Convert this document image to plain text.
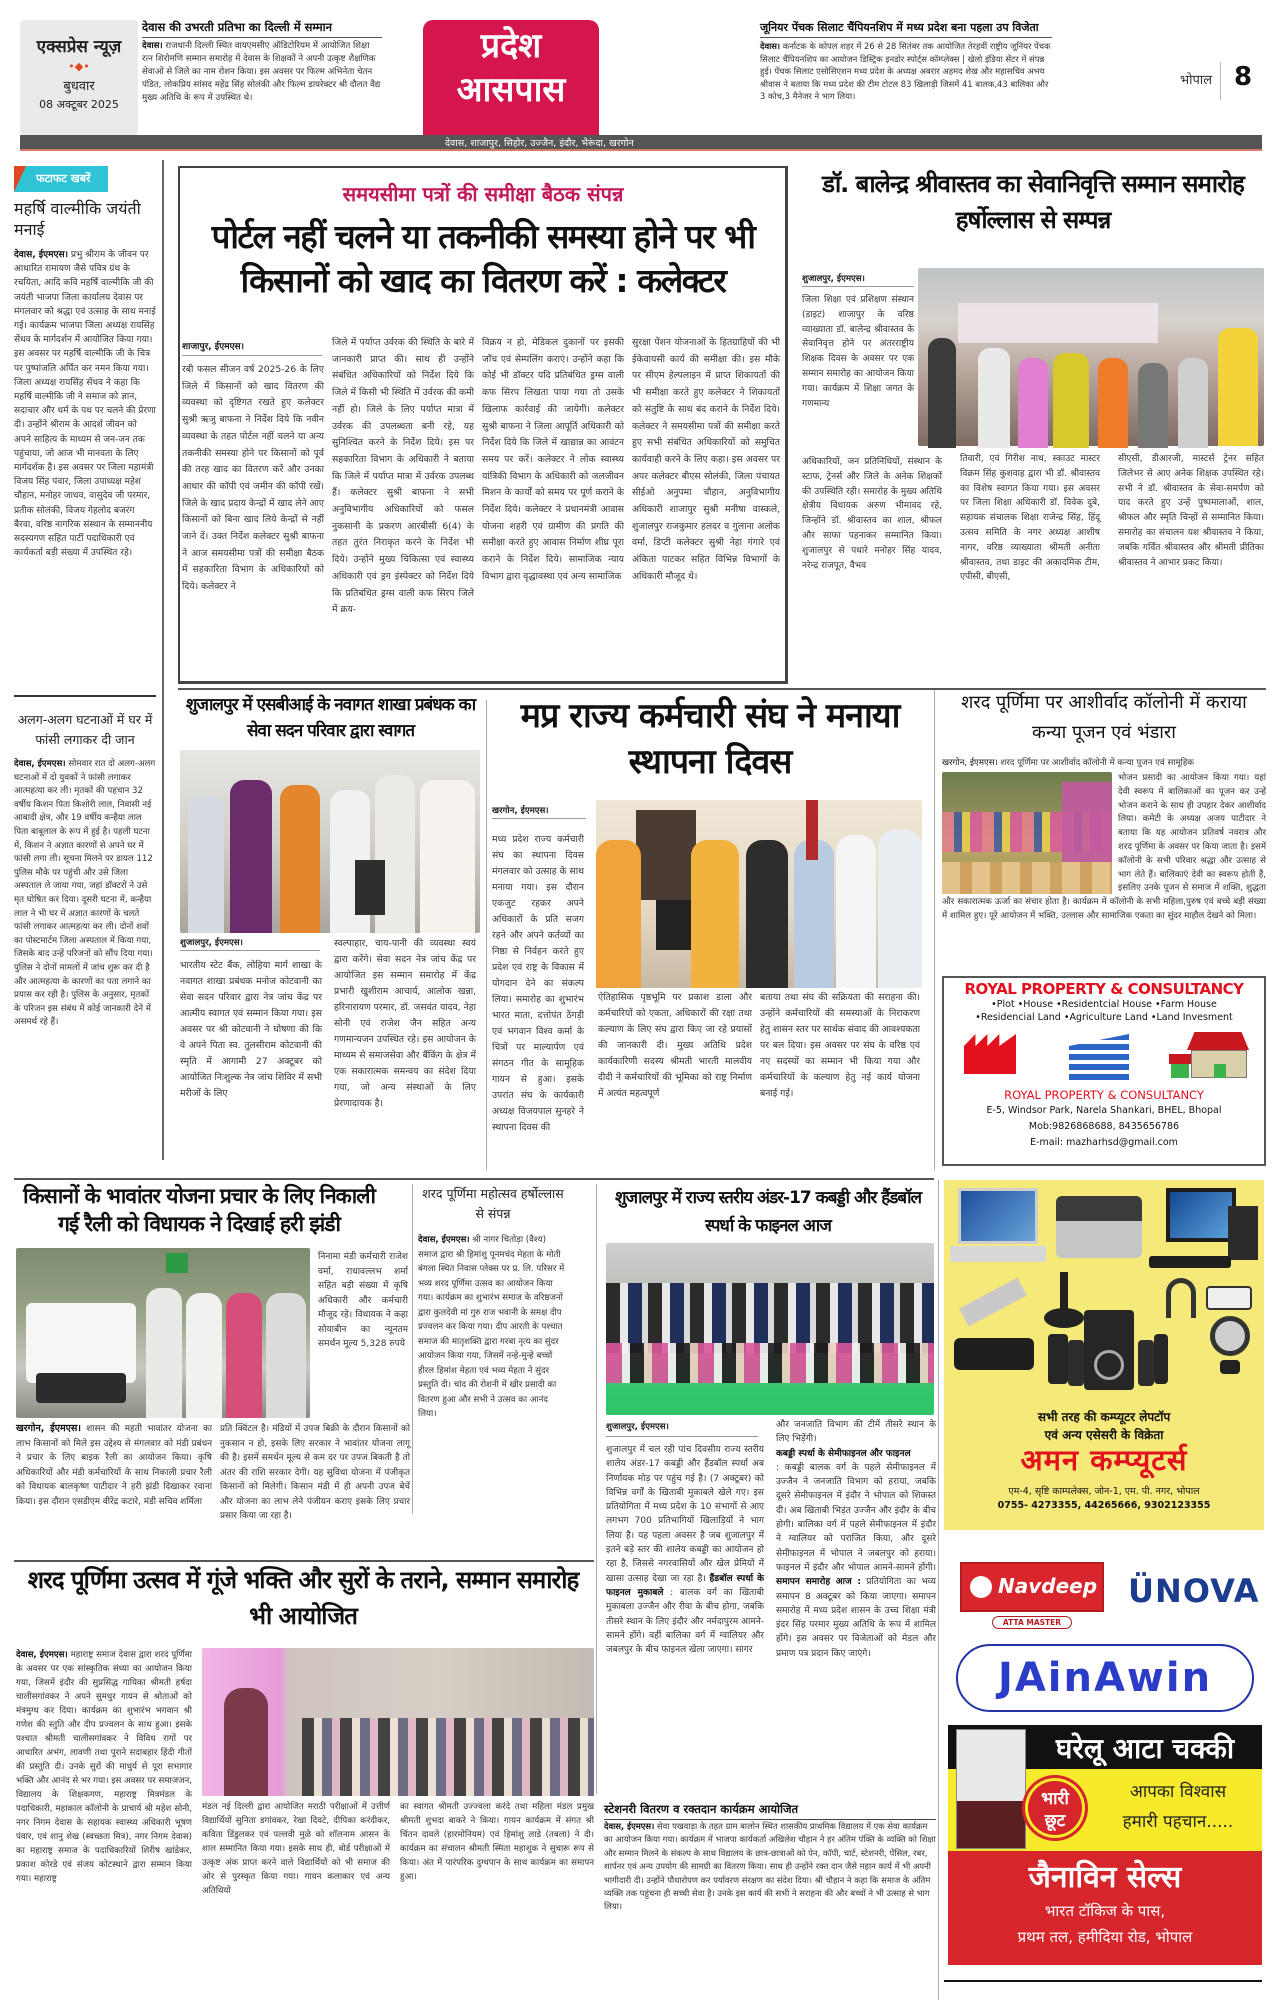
एक्सप्रेस न्यूज़
•◆•
बुधवार
08 अक्टूबर 2025
देवास की उभरती प्रतिभा का दिल्ली में सम्मान
देवास। राजधानी दिल्ली स्थित वायएमसीए ऑडिटोरियम में आयोजित शिक्षा रत्न शिरोमणि सम्मान समारोह में देवास के शिक्षकों ने अपनी उत्कृष्ट शैक्षणिक सेवाओं से जिले का नाम रोशन किया। इस अवसर पर फिल्म अभिनेता चेतन पंडित, लोकप्रिय सांसद महेंद्र सिंह सोलंकी और फिल्म डायरेक्टर श्री दौलत वैद्य मुख्य अतिथि के रूप में उपस्थित थे।
प्रदेश
आसपास
जूनियर पेंचक सिलाट चैंपियनशिप में मध्य प्रदेश बना पहला उप विजेता
देवास। कर्नाटक के कोपल शहर में 26 से 28 सितंबर तक आयोजित तेरहवीं राष्ट्रीय जूनियर पेंचक सिलाट चैंपियनशिप का आयोजन डिस्ट्रिक इनडोर स्पोर्ट्स कॉम्प्लेक्स | खेलो इंडिया सेंटर में संपन्न हुई। पेंचक सिलाट एसोसिएशन मध्य प्रदेश के अध्यक्ष अबरार अहमद शेख और महासचिव अभय श्रीवास ने बताया कि मध्य प्रदेश की टीम टोटल 83 खिलाड़ी जिसमें 41 बालक,43 बालिका और 3 कोच,3 मैनेजर ने भाग लिया।
भोपाल 8
देवास, शाजापुर, सिहोर, उज्जैन, इंदौर, भैरूंदा, खरगोन
फटाफट खबरें
महर्षि वाल्मीकि जयंती मनाई
देवास, ईएमएस। प्रभु श्रीराम के जीवन पर आधारित रामायण जैसे पवित्र ग्रंथ के रचयिता, आदि कवि महर्षि वाल्मीकि जी की जयंती भाजपा जिला कार्यालय देवास पर मंगलवार को श्रद्धा एवं उत्साह के साथ मनाई गई। कार्यक्रम भाजपा जिला अध्यक्ष रायसिंह सेंधव के मार्गदर्शन में आयोजित किया गया। इस अवसर पर महर्षि वाल्मीकि जी के चित्र पर पुष्पांजलि अर्पित कर नमन किया गया। जिला अध्यक्ष रायसिंह सेंधव ने कहा कि महर्षि वाल्मीकि जी ने समाज को ज्ञान, सदाचार और धर्म के पथ पर चलने की प्रेरणा दी। उन्होंने श्रीराम के आदर्श जीवन को अपने साहित्य के माध्यम से जन-जन तक पहुंचाया, जो आज भी मानवता के लिए मार्गदर्शक है। इस अवसर पर जिला महामंत्री विजय सिंह पंवार, जिला उपाध्यक्ष महेश चौहान, मनोहर जाधव, वासुदेव जी परमार, प्रतीक सोलंकी, विजय गेहलोद बजरंग बैरवा, वरिष्ठ नागरिक संस्थान के सम्माननीय सदस्यगण सहित पार्टी पदाधिकारी एवं कार्यकर्ता बड़ी संख्या में उपस्थित रहे।
अलग-अलग घटनाओं में घर में फांसी लगाकर दी जान
देवास, ईएमएस। सोमवार रात दो अलग-अलग घटनाओं में दो युवकों ने फांसी लगाकर आत्महत्या कर ली। मृतकों की पहचान 32 वर्षीय किशन पिता किशोरी लाल, निवासी नई आबादी क्षेत्र, और 19 वर्षीय कन्हैया लाल पिता बाबूलाल के रूप में हुई है। पहली घटना में, किशन ने अज्ञात कारणों से अपने घर में फांसी लगा ली। सूचना मिलने पर डायल 112 पुलिस मौके पर पहुंची और उसे जिला अस्पताल ले जाया गया, जहां डॉक्टरों ने उसे मृत घोषित कर दिया। दूसरी घटना में, कन्हैया लाल ने भी घर में अज्ञात कारणों के चलते फांसी लगाकर आत्महत्या कर ली। दोनों शवों का पोस्टमार्टम जिला अस्पताल में किया गया, जिसके बाद उन्हें परिजनों को सौंप दिया गया। पुलिस ने दोनों मामलों में जांच शुरू कर दी है और आत्महत्या के कारणों का पता लगाने का प्रयास कर रही है। पुलिस के अनुसार, मृतकों के परिजन इस संबंध में कोई जानकारी देने में असमर्थ रहे हैं।
समयसीमा पत्रों की समीक्षा बैठक संपन्न
पोर्टल नहीं चलने या तकनीकी समस्या होने पर भी किसानों को खाद का वितरण करें : कलेक्टर
शाजापुर, ईएमएस।
रबी फसल सीजन वर्ष 2025-26 के लिए जिले में किसानों को खाद वितरण की व्यवस्था को दृष्टिगत रखते हुए कलेक्टर सुश्री ऋजु बाफना ने निर्देश दिये कि नवीन व्यवस्था के तहत पोर्टल नहीं चलने या अन्य तकनीकी समस्या होने पर किसानों को पूर्व की तरह खाद का वितरण करें और उनका आधार की कॉपी एवं जमीन की कॉपी रखें। जिले के खाद प्रदाय केन्द्रों में खाद लेने आए किसानों को बिना खाद लिये केन्द्रों से नहीं जाने दें। उक्त निर्देश कलेक्टर सुश्री बाफना ने आज समयसीमा पत्रों की समीक्षा बैठक में सहकारिता विभाग के अधिकारियों को दिये। कलेक्टर ने
जिले में पर्याप्त उर्वरक की स्थिति के बारे में जानकारी प्राप्त की। साथ ही उन्होंने संबंधित अधिकारियों को निर्देश दिये कि जिले में किसी भी स्थिति में उर्वरक की कमी नहीं हो। जिले के लिए पर्याप्त मात्रा में उर्वरक की उपलब्धता बनी रहे, यह सुनिश्चित करने के निर्देश दिये। इस पर सहकारिता विभाग के अधिकारी ने बताया कि जिले में पर्याप्त मात्रा में उर्वरक उपलब्ध हैं। कलेक्टर सुश्री बाफना ने सभी अनुविभागीय अधिकारियों को फसल नुकसानी के प्रकरण आरबीसी 6(4) के तहत तुरंत निराकृत करने के निर्देश भी दिये। उन्होंने मुख्य चिकित्सा एवं स्वास्थ्य अधिकारी एवं ड्रग इंस्पेक्टर को निर्देश दिये कि प्रतिबंधित ड्रग्स वाली कफ सिरप जिले में क्रय-
विक्रय न हो, मेडिकल दुकानों पर इसकी जाँच एवं सेम्पलिंग कराएं। उन्होंने कहा कि कोई भी डॉक्टर यदि प्रतिबंधित ड्रग्स वाली कफ सिरप लिखता पाया गया तो उसके खिलाफ कार्रवाई की जायेगी। कलेक्टर सुश्री बाफना ने जिला आपूर्ति अधिकारी को निर्देश दिये कि जिले में खाद्यान्न का आवंटन समय पर करें। कलेक्टर ने लोक स्वास्थ्य यांत्रिकी विभाग के अधिकारी को जलजीवन मिशन के कार्यों को समय पर पूर्ण कराने के निर्देश दिये। कलेक्टर ने प्रधानमंत्री आवास योजना शहरी एवं ग्रामीण की प्रगति की समीक्षा करते हुए आवास निर्माण शीघ्र पूरा कराने के निर्देश दिये। सामाजिक न्याय विभाग द्वारा वृद्धावस्था एवं अन्य सामाजिक
सुरक्षा पेंशन योजनाओं के हितग्राहियों की भी ईकेवायसी कार्य की समीक्षा की। इस मौके पर सीएम हेल्पलाइन में प्राप्त शिकायतों की भी समीक्षा करते हुए कलेक्टर ने शिकायतों को संतुष्टि के साथ बंद कराने के निर्देश दिये। कलेक्टर ने समयसीमा पत्रों की समीक्षा करते हुए सभी संबंधित अधिकारियों को समुचित कार्यवाही करने के लिए कहा। इस अवसर पर अपर कलेक्टर बीएस सोलंकी, जिला पंचायत सीईओ अनुपमा चौहान, अनुविभागीय अधिकारी शाजापुर सुश्री मनीषा वास्कले, शुजालपुर राजकुमार हलदर व गुलाना अलोक वर्मा, डिप्टी कलेक्टर सुश्री नेहा गंगारे एवं अंकिता पाटकर सहित विभिन्न विभागों के अधिकारी मौजूद थे।
डॉ. बालेन्द्र श्रीवास्तव का सेवानिवृत्ति सम्मान समारोह हर्षोल्लास से सम्पन्न
शुजालपुर, ईएमएस।
जिला शिक्षा एवं प्रशिक्षण संस्थान (डाइट) शाजापुर के वरिष्ठ व्याख्याता डॉ. बालेन्द्र श्रीवास्तव के सेवानिवृत्त होने पर अंतरराष्ट्रीय शिक्षक दिवस के अवसर पर एक सम्मान समारोह का आयोजन किया गया। कार्यक्रम में शिक्षा जगत के गणमान्य
अधिकारियों, जन प्रतिनिधियों, संस्थान के स्टाफ, ट्रेनर्स और जिले के अनेक शिक्षकों की उपस्थिति रही। समारोह के मुख्य अतिथि क्षेत्रीय विधायक अरुण भीमावद रहे, जिन्होंने डॉ. श्रीवास्तव का शाल, श्रीफल और साफा पहनाकर सम्मानित किया। शुजालपुर से पधारे मनोहर सिंह यादव, नरेन्द्र राजपूत, वैभव
तिवारी, एवं गिरीश नाथ, स्काउट मास्टर विक्रम सिंह कुशवाह द्वारा भी डॉ. श्रीवास्तव का विशेष स्वागत किया गया। इस अवसर पर जिला शिक्षा अधिकारी डॉ. विवेक दुबे, सहायक संचालक शिक्षा राजेन्द्र सिंह, हिंदू उत्सव समिति के नगर अध्यक्ष आशीष नागर, वरिष्ठ व्याख्याता श्रीमती अनीता श्रीवास्तव, तथा डाइट की अकादमिक टीम, एपीसी, बीएसी,
सीएसी, डीआरजी, मास्टर्स ट्रेनर सहित जिलेभर से आए अनेक शिक्षक उपस्थित रहे। सभी ने डॉ. श्रीवास्तव के सेवा-समर्पण को याद करते हुए उन्हें पुष्पमालाओं, शाल, श्रीफल और स्मृति चिन्हों से सम्मानित किया। समारोह का संचालन यश श्रीवास्तव ने किया, जबकि गर्वित श्रीवास्तव और श्रीमती प्रीतिका श्रीवास्तव ने आभार प्रकट किया।
शुजालपुर में एसबीआई के नवागत शाखा प्रबंधक का सेवा सदन परिवार द्वारा स्वागत
शुजालपुर, ईएमएस।
भारतीय स्टेट बैंक, लोहिया मार्ग शाखा के नवागत शाखा प्रबंधक मनोज कोटवानी का सेवा सदन परिवार द्वारा नेत्र जांच केंद्र पर आत्मीय स्वागत एवं सम्मान किया गया। इस अवसर पर श्री कोटवानी ने घोषणा की कि वे अपने पिता स्व. तुलसीराम कोटवानी की स्मृति में आगामी 27 अक्टूबर को आयोजित निःशुल्क नेत्र जांच शिविर में सभी मरीजों के लिए
स्वल्पाहार, चाय-पानी की व्यवस्था स्वयं द्वारा करेंगे। सेवा सदन नेत्र जांच केंद्र पर आयोजित इस सम्मान समारोह में केंद्र प्रभारी खुशीराम आचार्य, आलोक खन्ना, हरिनारायण परमार, डॉ. जसवंत यादव, नेहा सोनी एवं राजेश जैन सहित अन्य गणमान्यजन उपस्थित रहे। इस आयोजन के माध्यम से समाजसेवा और बैंकिंग के क्षेत्र में एक सकारात्मक समन्वय का संदेश दिया गया, जो अन्य संस्थाओं के लिए प्रेरणादायक है।
मप्र राज्य कर्मचारी संघ ने मनाया स्थापना दिवस
खरगोन, ईएमएस।
मध्य प्रदेश राज्य कर्मचारी संघ का स्थापना दिवस मंगलवार को उत्साह के साथ मनाया गया। इस दौरान एकजुट रहकर अपने अधिकारों के प्रति सजग रहने और अपने कर्तव्यों का निष्ठा से निर्वहन करते हुए प्रदेश एवं राष्ट्र के विकास में योगदान देने का संकल्प लिया। समारोह का शुभारंभ भारत माता, दत्तोपंत ठेंगड़ी एवं भगवान विश्व कर्मा के चित्रों पर माल्यार्पण एवं संगठन गीत के सामूहिक गायन से हुआ। इसके उपरांत संघ के कार्यकारी अध्यक्ष विजयपाल सुनहरे ने स्थापना दिवस की
ऐतिहासिक पृष्ठभूमि पर प्रकाश डाला और कर्मचारियों को एकता, अधिकारों की रक्षा तथा कल्याण के लिए संघ द्वारा किए जा रहे प्रयासों की जानकारी दी। मुख्य अतिथि प्रदेश कार्यकारिणी सदस्य श्रीमती भारती मालवीय दीदी ने कर्मचारियों की भूमिका को राष्ट्र निर्माण में अत्यंत महत्वपूर्ण
बताया तथा संघ की सक्रियता की सराहना की। उन्होंने कर्मचारियों की समस्याओं के निराकरण हेतु शासन स्तर पर सार्थक संवाद की आवश्यकता पर बल दिया। इस अवसर पर संघ के वरिष्ठ एवं नए सदस्यों का सम्मान भी किया गया और कर्मचारियों के कल्याण हेतु नई कार्य योजना बनाई गई।
शरद पूर्णिमा पर आशीर्वाद कॉलोनी में कराया कन्या पूजन एवं भंडारा
खरगोन, ईएमएस। शरद पूर्णिमा पर आशीर्वाद कॉलोनी में कन्या पूजन एवं सामूहिक
भोजन प्रसादी का आयोजन किया गया। यहां देवी स्वरूप में बालिकाओं का पूजन कर उन्हें भोजन कराने के साथ ही उपहार देकर आशीर्वाद लिया। कमेटी के अध्यक्ष अजय पाटीदार ने बताया कि यह आयोजन प्रतिवर्ष नवरात्र और शरद पूर्णिमा के अवसर पर किया जाता है। इसमें कॉलोनी के सभी परिवार श्रद्धा और उत्साह से भाग लेते हैं। बालिकाएं देवी का स्वरूप होती हैं, इसलिए उनके पूजन से समाज में शक्ति, शुद्धता और सकारात्मक ऊर्जा का संचार होता है। कार्यक्रम में कॉलोनी के सभी महिला,पुरुष एवं बच्चे बड़ी संख्या में शामिल हुए। पूरे आयोजन में भक्ति, उल्लास और सामाजिक एकता का सुंदर माहौल देखने को मिला।
ROYAL PROPERTY & CONSULTANCY
•Plot •House •Residentcial House •Farm House
•Residencial Land •Agriculture Land •Land Invesment
ROYAL PROPERTY & CONSULTANCY
E-5, Windsor Park, Narela Shankari, BHEL, Bhopal
Mob:9826868688, 8435656786
E-mail: mazharhsd@gmail.com
किसानों के भावांतर योजना प्रचार के लिए निकाली गई रैली को विधायक ने दिखाई हरी झंडी
निनामा मंडी कर्मचारी राजेश वर्मा, राधावल्लभ शर्मा सहित बड़ी संख्या में कृषि अधिकारी और कर्मचारी मौजूद रहे। विधायक ने कहा सोयाबीन का न्यूनतम समर्थन मूल्य 5,328 रुपये
खरगोन, ईएमएस। शासन की महती भावांतर योजना का लाभ किसानों को मिले इस उद्देश्य से मंगलवार को मंडी प्रबंधन ने प्रचार के लिए बाइक रैली का आयोजन किया। कृषि अधिकारियों और मंडी कर्मचारियों के साथ निकाली प्रचार रैली को विधायक बालकृष्ण पाटीदार ने हरी झंडी दिखाकर रवाना किया। इस दौरान एसडीएम वीरेंद्र कटारे, मंडी सचिव शर्मिला
प्रति क्विंटल है। मंडियों में उपज बिक्री के दौरान किसानों को नुकसान न हो, इसके लिए सरकार ने भावांतर योजना लागू की है। इसमें समर्थन मूल्य से कम दर पर उपज बिकती है तो अंतर की राशि सरकार देगी। यह सुविधा योजना में पंजीकृत किसानों को मिलेगी। किसान मंडी में ही अपनी उपज बेचें और योजना का लाभ लेने पंजीयन कराए इसके लिए प्रचार प्रसार किया जा रहा है।
शरद पूर्णिमा महोत्सव हर्षोल्लास से संपन्न
देवास, ईएमएस। श्री नागर चितोड़ा (वैश्य) समाज द्वारा श्री हिमांशु पूनमचंद मेहता के मोती बंगला स्थित निवास प्लेक्स पर प्र. लि. परिसर में भव्य शरद पूर्णिमा उत्सव का आयोजन किया गया। कार्यक्रम का शुभारंभ समाज के वरिष्ठजनों द्वारा कुलदेवी मां गुरु राज भवानी के समक्ष दीप प्रज्वलन कर किया गया। दीप आरती के पश्चात समाज की मातृशक्ति द्वारा गरबा नृत्य का सुंदर आयोजन किया गया, जिसमें नन्हे-मुन्हे बच्चों हीरल हिमांश मेहता एवं भव्य मेहता ने सुंदर प्रस्तुति दी। चांद की रोशनी में खीर प्रसादी का वितरण हुआ और सभी ने उत्सव का आनंद लिया।
शुजालपुर में राज्य स्तरीय अंडर-17 कबड्डी और हैंडबॉल स्पर्धा के फाइनल आज
शुजालपुर, ईएमएस।
शुजालपुर में चल रही पांच दिवसीय राज्य स्तरीय शालेय अंडर-17 कबड्डी और हैंडबॉल स्पर्धा अब निर्णायक मोड़ पर पहुंच गई है। (7 अक्टूबर) को विभिन्न वर्गों के खिताबी मुकाबले खेले गए। इस प्रतियोगिता में मध्य प्रदेश के 10 संभागों से आए लगभग 700 प्रतिभागियों खिलाड़ियों ने भाग लिया है। यह पहला अवसर है जब शुजालपुर में इतने बड़े स्तर की शालेय कबड्डी का आयोजन हो रहा है, जिससे नगरवासियों और खेल प्रेमियों में खासा उत्साह देखा जा रहा है। हैंडबॉल स्पर्धा के फाइनल मुकाबले : बालक वर्ग का खिताबी मुकाबला उज्जैन और रीवा के बीच होगा, जबकि तीसरे स्थान के लिए इंदौर और नर्मदापुरम आमने-सामने होंगे। वहीं बालिका वर्ग में ग्वालियर और जबलपुर के बीच फाइनल खेला जाएगा। सागर
और जनजाति विभाग की टीमें तीसरे स्थान के लिए भिड़ेंगी।
कबड्डी स्पर्धा के सेमीफाइनल और फाइनल
: कबड्डी बालक वर्ग के पहले सेमीफाइनल में उज्जैन ने जनजाति विभाग को हराया, जबकि दूसरे सेमीफाइनल में इंदौर ने भोपाल को शिकस्त दी। अब खिताबी भिड़ंत उज्जैन और इंदौर के बीच होगी। बालिका वर्ग में पहले सेमीफाइनल में इंदौर ने ग्वालियर को पराजित किया, और दूसरे सेमीफाइनल में भोपाल ने जबलपुर को हराया। फाइनल में इंदौर और भोपाल आमने-सामने होंगी। समापन समारोह आज : प्रतियोगिता का भव्य समापन 8 अक्टूबर को किया जाएगा। समापन समारोह में मध्य प्रदेश शासन के उच्च शिक्षा मंत्री इंदर सिंह परमार मुख्य अतिथि के रूप में शामिल होंगे। इस अवसर पर विजेताओं को मेडल और प्रमाण पत्र प्रदान किए जाएंगे।
सभी तरह की कम्प्यूटर लेपटॉप
एवं अन्य एसेसरी के विक्रेता
अमन कम्प्यूटर्स
एम-4, सृष्टि काम्पलेक्स, जोन-1, एम. पी. नगर, भोपाल
0755- 4273355, 44265666, 9302123355
स्टेशनरी वितरण व रक्तदान कार्यक्रम आयोजित
देवास, ईएमएस। सेवा पखवाड़ा के तहत ग्राम बालोन स्थित शासकीय प्राथमिक विद्यालय में एक सेवा कार्यक्रम का आयोजन किया गया। कार्यक्रम में भाजपा कार्यकर्ता अखिलेश चौहान ने हर अंतिम पंक्ति के व्यक्ति को शिक्षा और सम्मान मिलने के संकल्प के साथ विद्यालय के छात्र-छात्राओं को पेन, कॉपी, चार्ट, स्टेशनरी, पेंसिल, रबर, शार्पनर एवं अन्य उपयोग की सामग्री का वितरण किया। साथ ही उन्होंने रक्त दान जैसे महान कार्य में भी अपनी भागीदारी दी। उन्होंने पौधारोपण कर पर्यावरण संरक्षण का संदेश दिया। श्री चौहान ने कहा कि समाज के अंतिम व्यक्ति तक पहुंचना ही सच्ची सेवा है। उनके इस कार्य की सभी ने सराहना की और बच्चों ने भी उत्साह से भाग लिया।
शरद पूर्णिमा उत्सव में गूंजे भक्ति और सुरों के तराने, सम्मान समारोह भी आयोजित
देवास, ईएमएस। महाराष्ट्र समाज देवास द्वारा शरद पूर्णिमा के अवसर पर एक सांस्कृतिक संध्या का आयोजन किया गया, जिसमें इंदौर की सुप्रसिद्ध गायिका श्रीमती हर्षदा चालीसगांवकर ने अपने सुमधुर गायन से श्रोताओं को मंत्रमुग्ध कर दिया। कार्यक्रम का शुभारंभ भगवान श्री गणेश की स्तुति और दीप प्रज्वलन के साथ हुआ। इसके पश्चात श्रीमती चालीसगांवकर ने विविध रागों पर आधारित अभंग, लावणी तथा पुराने सदाबहार हिंदी गीतों की प्रस्तुति दी। उनके सुरों की माधुर्य से पूरा सभागार भक्ति और आनंद से भर गया। इस अवसर पर समाजजन, विद्यालय के शिक्षकगण, महाराष्ट्र मित्रमंडल के पदाधिकारी, महाकाल कॉलोनी के प्राचार्य श्री महेश सोनी, नगर निगम देवास के सहायक स्वास्थ्य अधिकारी भूषण पंवार, एवं शानु शेख (स्वच्छता मित्र), नगर निगम देवास) का महाराष्ट्र समाज के पदाधिकारियों शिरीष खांडेकर, प्रकाश कोरडे एवं संजय कोटस्थाने द्वारा सम्मान किया गया। महाराष्ट्र
मंडल नई दिल्ली द्वारा आयोजित मराठी परीक्षाओं में उत्तीर्ण विद्यार्थियों सुनिता डगांवकर, रेखा दिवटे, दीपिका करंदीकर, कविता डिंडुलकर एवं पल्लवी मुळे को शॉलनाम आसन के शाल सम्मानित किया गया। इसके साथ ही, बोर्ड परीक्षाओं में उत्कृष्ट अंक प्राप्त करने वाले विद्यार्थियों को भी समाज की ओर से पुरस्कृत किया गया। गायन कलाकार एवं अन्य अतिथियों
का स्वागत श्रीमती उज्ज्वला करंदे तथा महिला मंडल प्रमुख श्रीमती शुभदा बाकरे ने किया। गायन कार्यक्रम में संगत श्री चिंतन दावले (हारमोनियम) एवं हिमांशु लाडे (तबला) ने दी। कार्यक्रम का संचालन श्रीमती स्मिता महाशुक ने सुचारू रूप से किया। अंत में पारंपरिक दुग्धपान के साथ कार्यक्रम का समापन हुआ।
Navdeep
ATTA MASTER
ÜNOVA
JAinAwin
घरेलू आटा चक्की
भारी छूट
आपका विश्वास
हमारी पहचान.....
जैनाविन सेल्स
भारत टॉकिज के पास,
प्रथम तल, हमीदिया रोड, भोपाल
